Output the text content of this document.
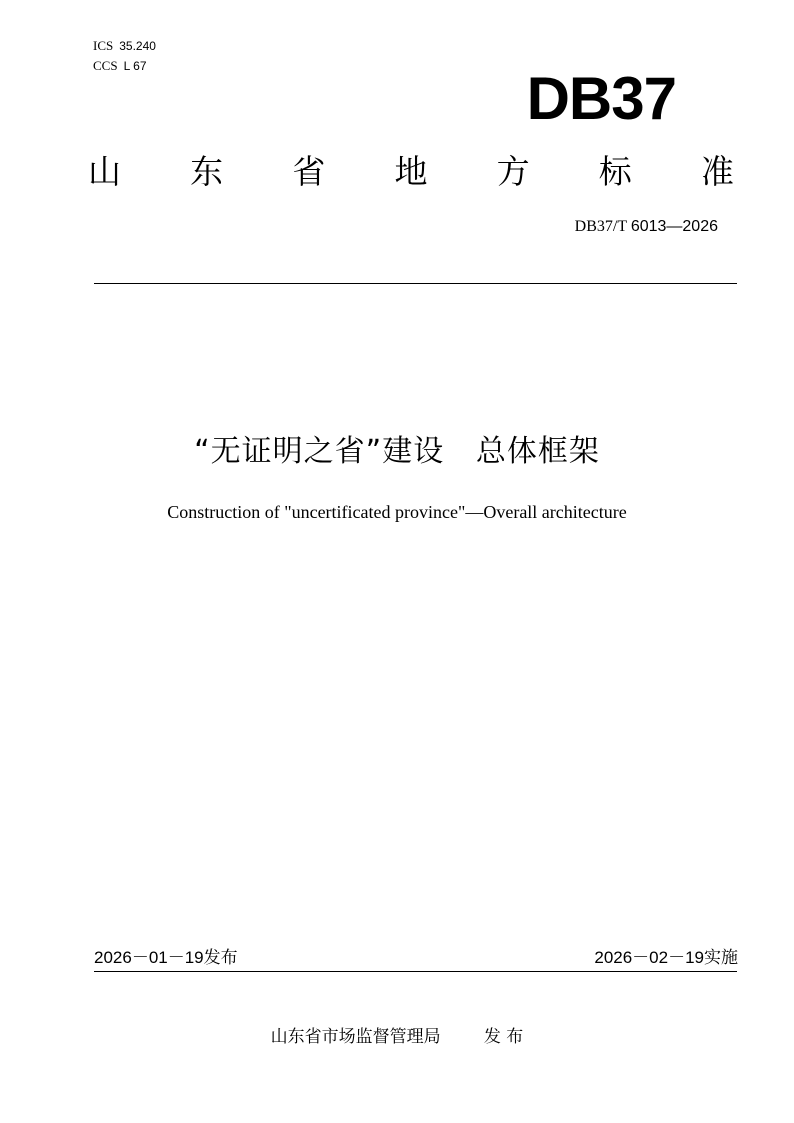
ICS 35.240
CCS L 67	DB37
山 东 省 地 方 标 准
DB37/T 6013—2026
“无证明之省”建设   总体框架
Construction of "uncertificated province"—Overall architecture
2026－01－19发布	2026－02－19实施
山东省市场监督管理局	发 布
